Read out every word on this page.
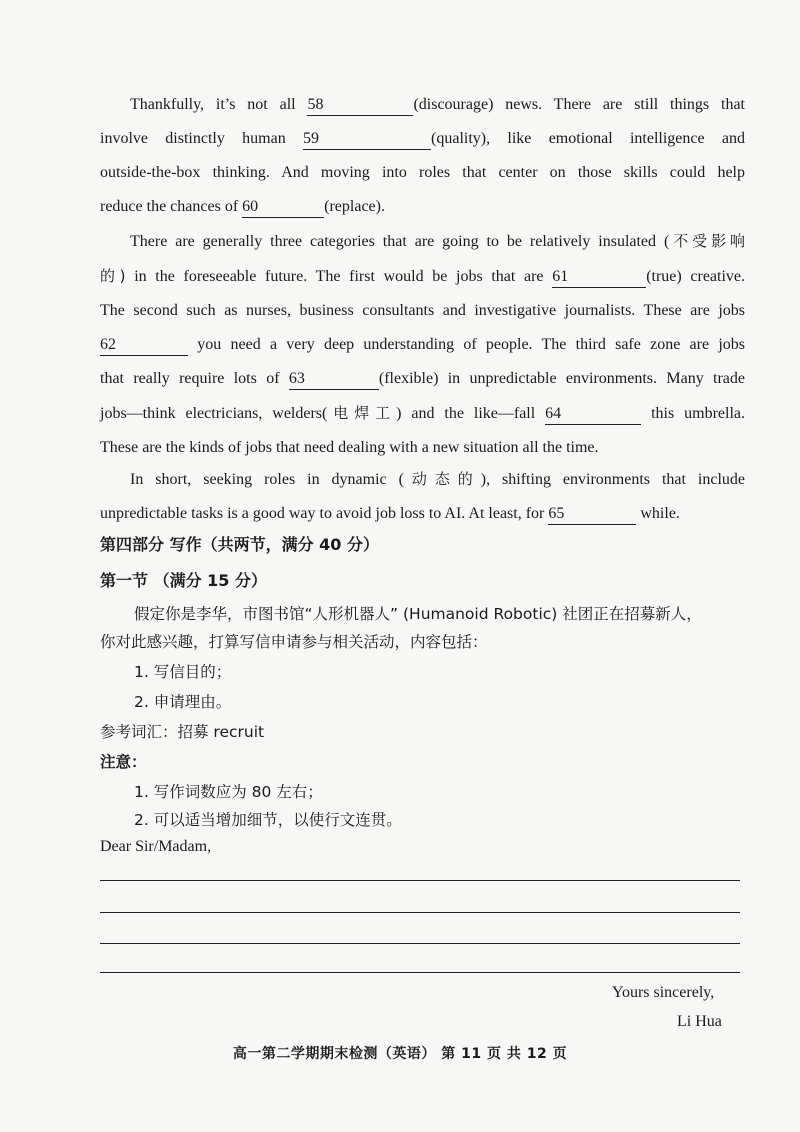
Thankfully, it’s not all 58	(discourage) news. There are still things that
involve distinctly human 59	(quality), like emotional intelligence and
outside-the-box thinking. And moving into roles that center on those skills could help
reduce the chances of 60	(replace).
There are generally three categories that are going to be relatively insulated (不受影响
的) in the foreseeable future. The first would be jobs that are 61	(true) creative.
The second such as nurses, business consultants and investigative journalists. These are jobs
62	you need a very deep understanding of people. The third safe zone are jobs
that really require lots of 63	(flexible) in unpredictable environments. Many trade
jobs—think electricians, welders(电焊工) and the like—fall 64	this umbrella.
These are the kinds of jobs that need dealing with a new situation all the time.
In short, seeking roles in dynamic (动态的), shifting environments that include
unpredictable tasks is a good way to avoid job loss to AI. At least, for 65	while.
第四部分 写作（共两节，满分 40 分）
第一节 （满分 15 分）
假定你是李华，市图书馆“人形机器人” (Humanoid Robotic) 社团正在招募新人，
你对此感兴趣，打算写信申请参与相关活动，内容包括：
1. 写信目的；
2. 申请理由。
参考词汇：招募 recruit
注意：
1. 写作词数应为 80 左右；
2. 可以适当增加细节，以使行文连贯。
Dear Sir/Madam,
Yours sincerely,
Li Hua
高一第二学期期末检测（英语） 第 11 页 共 12 页
